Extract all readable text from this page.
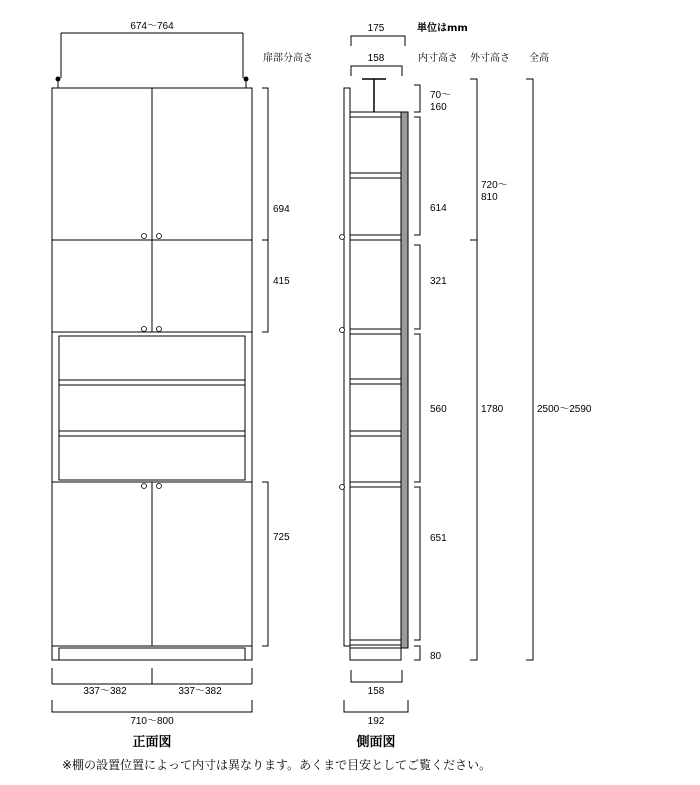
674〜764
694
415
725
337〜382	337〜382
710〜800
正面図
単位はmm
扉部分高さ	内寸高さ 外寸高さ 全高
175
158
70〜
160
614
321
560
651
80
720〜
810
1780	2500〜2590
158
192
側面図
※棚の設置位置によって内寸は異なります。あくまで目安としてご覧ください。
